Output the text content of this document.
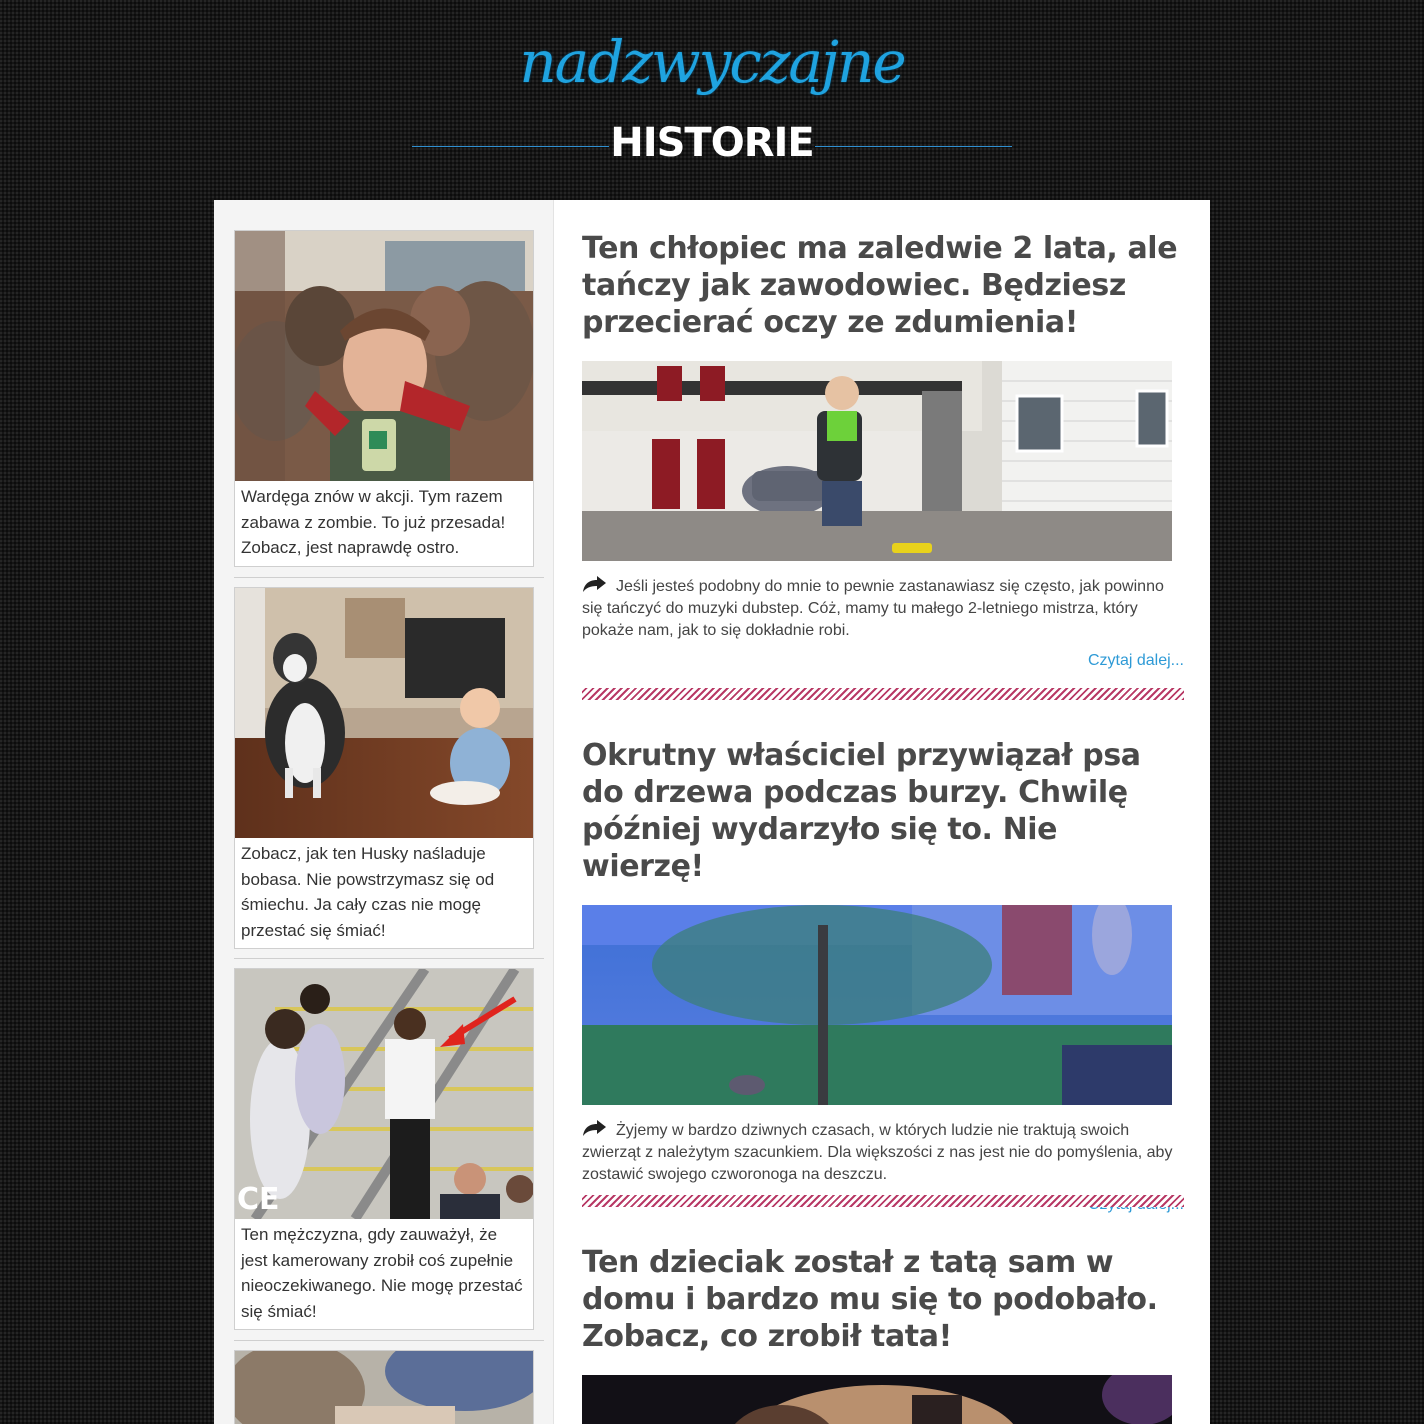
nadzwyczajne
HISTORIE
Wardęga znów w akcji. Tym razem zabawa z zombie. To już przesada! Zobacz, jest naprawdę ostro.
Zobacz, jak ten Husky naśladuje bobasa. Nie powstrzymasz się od śmiechu. Ja cały czas nie mogę przestać się śmiać!
CE
Ten mężczyzna, gdy zauważył, że jest kamerowany zrobił coś zupełnie nieoczekiwanego. Nie mogę przestać się śmiać!
Ten chłopiec ma zaledwie 2 lata, ale tańczy jak zawodowiec. Będziesz przecierać oczy ze zdumienia!

Jeśli jesteś podobny do mnie to pewnie zastanawiasz się często, jak powinno się tańczyć do muzyki dubstep. Cóż, mamy tu małego 2-letniego mistrza, który pokaże nam, jak to się dokładnie robi.

Czytaj dalej...
Okrutny właściciel przywiązał psa do drzewa podczas burzy. Chwilę później wydarzyło się to. Nie wierzę!

Żyjemy w bardzo dziwnych czasach, w których ludzie nie traktują swoich zwierząt z należytym szacunkiem. Dla większości z nas jest nie do pomyślenia, aby zostawić swojego czworonoga na deszczu.

Ten dzieciak został z tatą sam w domu i bardzo mu się to podobało. Zobacz, co zrobił tata!
